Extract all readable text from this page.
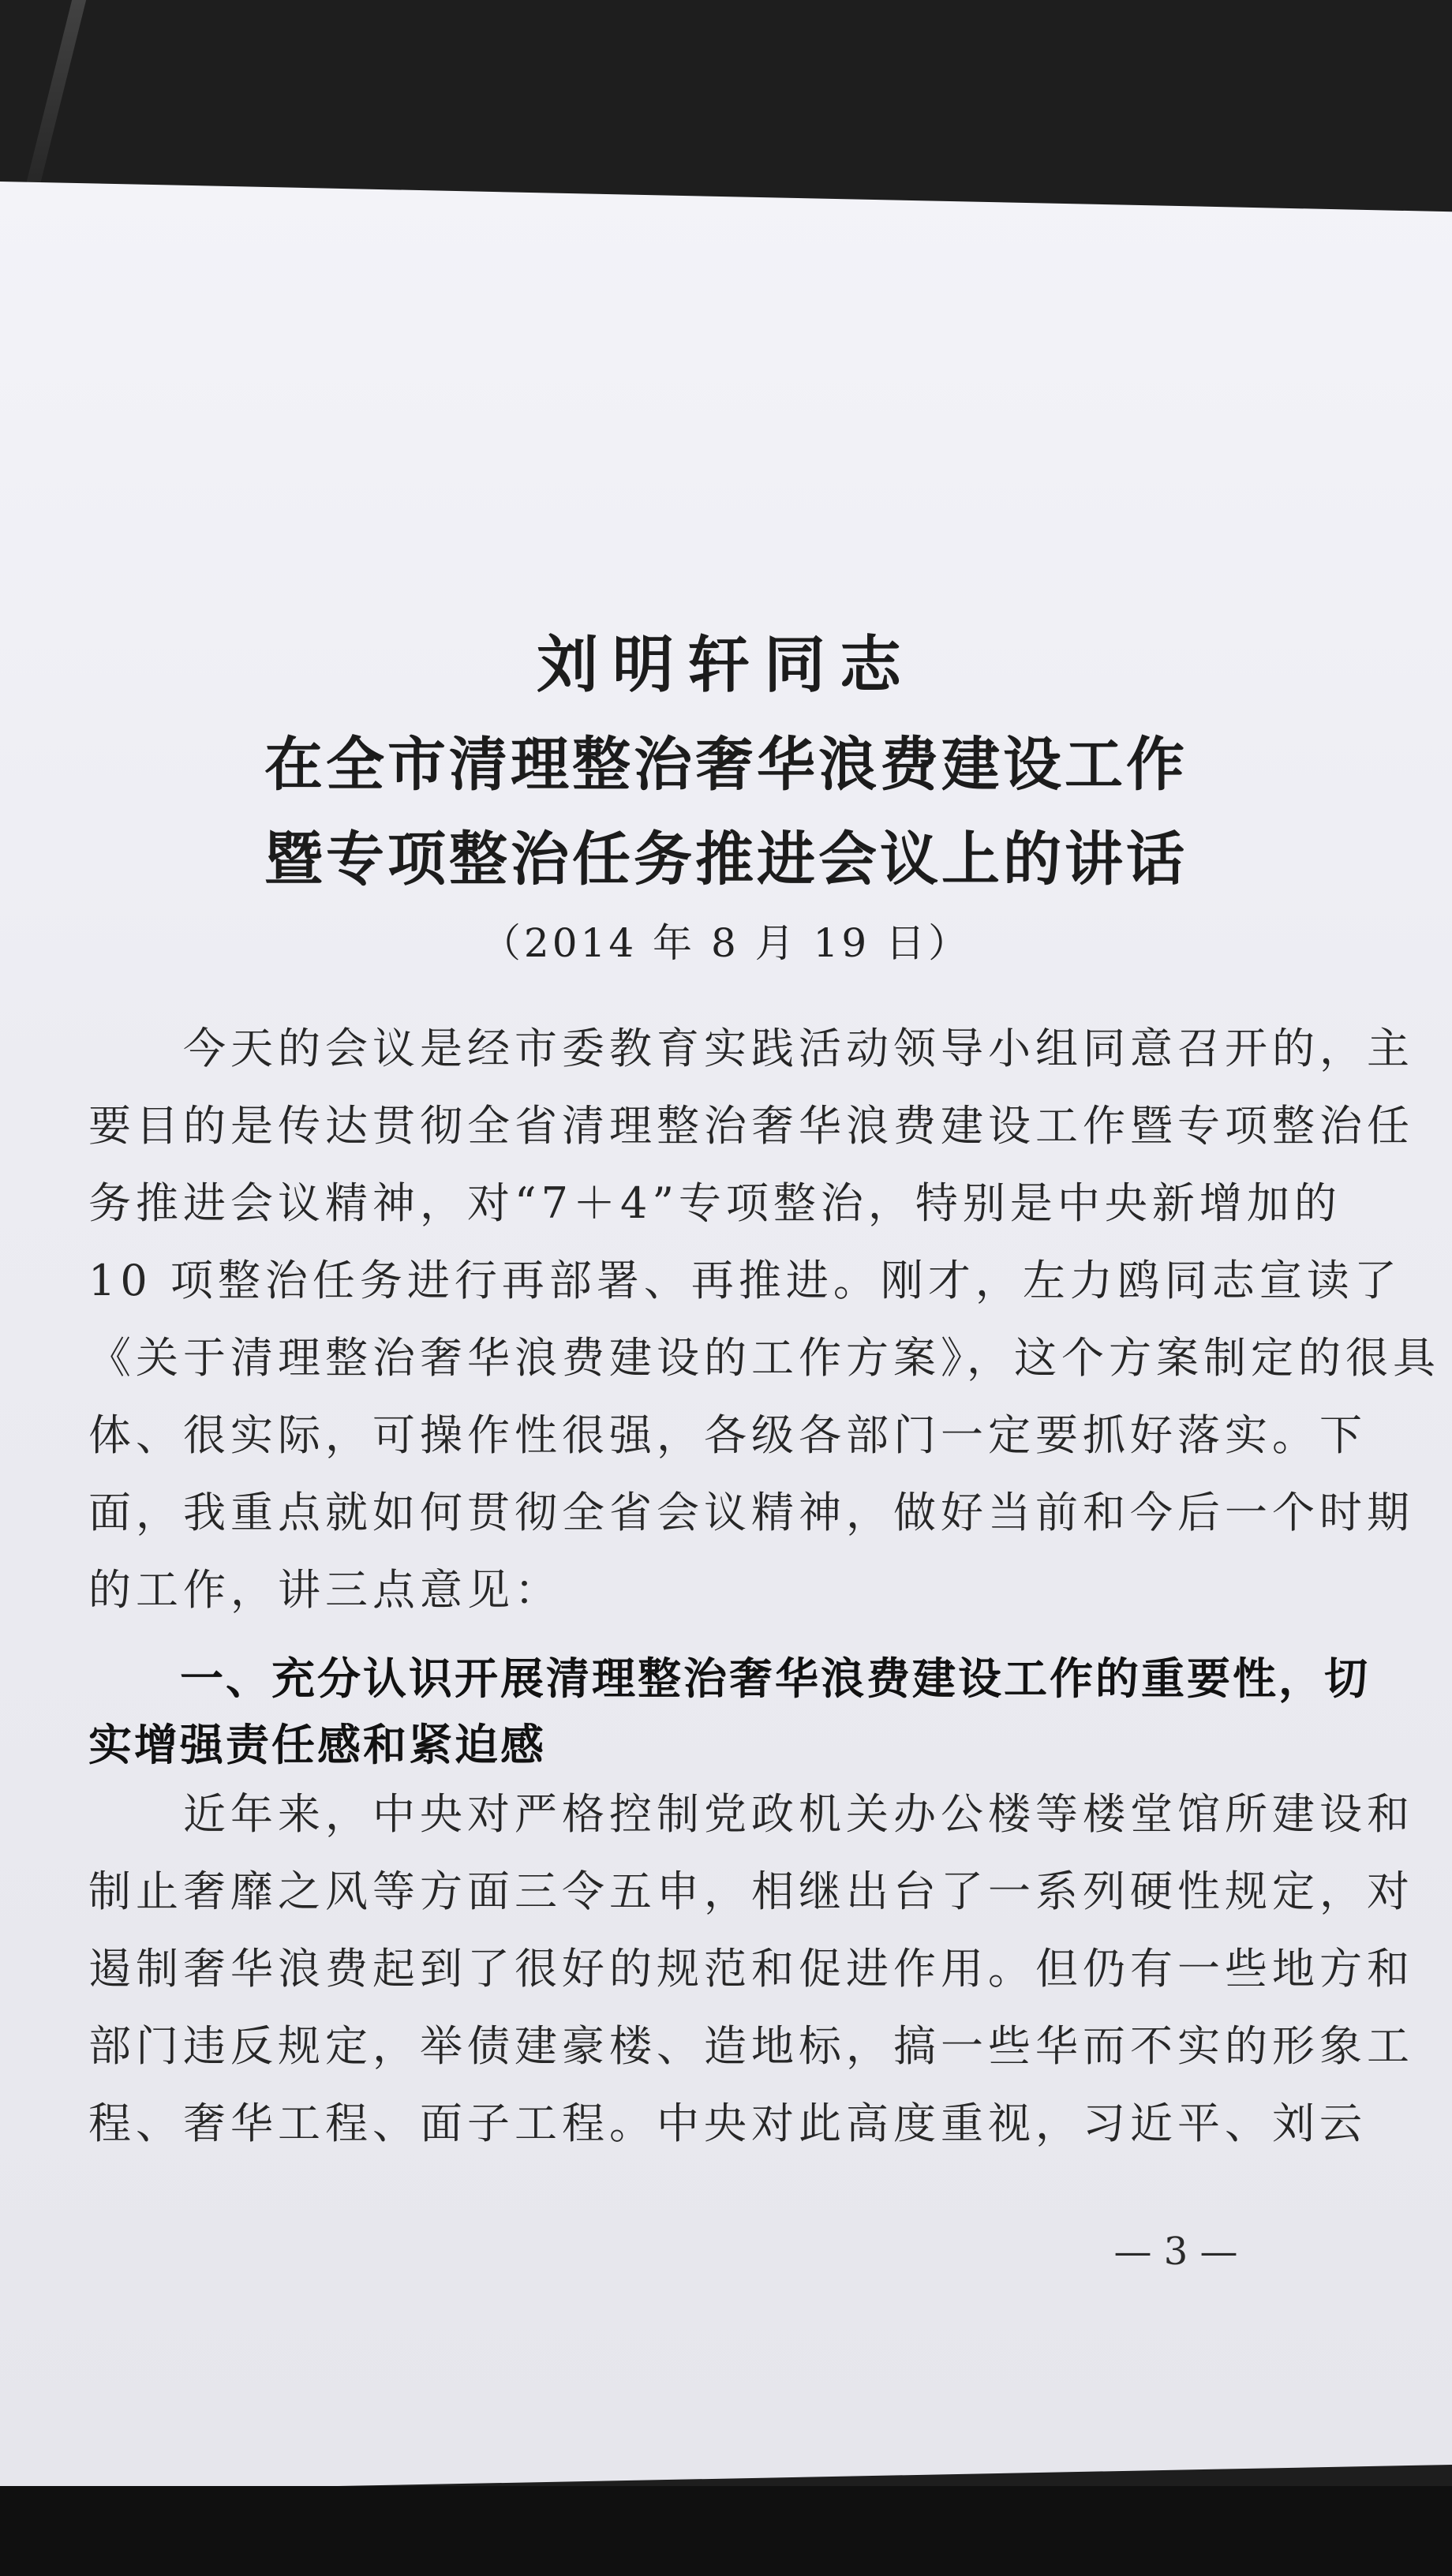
刘明轩同志
在全市清理整治奢华浪费建设工作
暨专项整治任务推进会议上的讲话
（2014 年 8 月 19 日）

　　今天的会议是经市委教育实践活动领导小组同意召开的，主

要目的是传达贯彻全省清理整治奢华浪费建设工作暨专项整治任

务推进会议精神，对“7＋4”专项整治，特别是中央新增加的

10 项整治任务进行再部署、再推进。刚才，左力鸥同志宣读了

《关于清理整治奢华浪费建设的工作方案》，这个方案制定的很具

体、很实际，可操作性很强，各级各部门一定要抓好落实。下

面，我重点就如何贯彻全省会议精神，做好当前和今后一个时期

的工作，讲三点意见：

　　一、充分认识开展清理整治奢华浪费建设工作的重要性，切

实增强责任感和紧迫感

　　近年来，中央对严格控制党政机关办公楼等楼堂馆所建设和

制止奢靡之风等方面三令五申，相继出台了一系列硬性规定，对

遏制奢华浪费起到了很好的规范和促进作用。但仍有一些地方和

部门违反规定，举债建豪楼、造地标，搞一些华而不实的形象工

程、奢华工程、面子工程。中央对此高度重视，习近平、刘云

— 3 —
